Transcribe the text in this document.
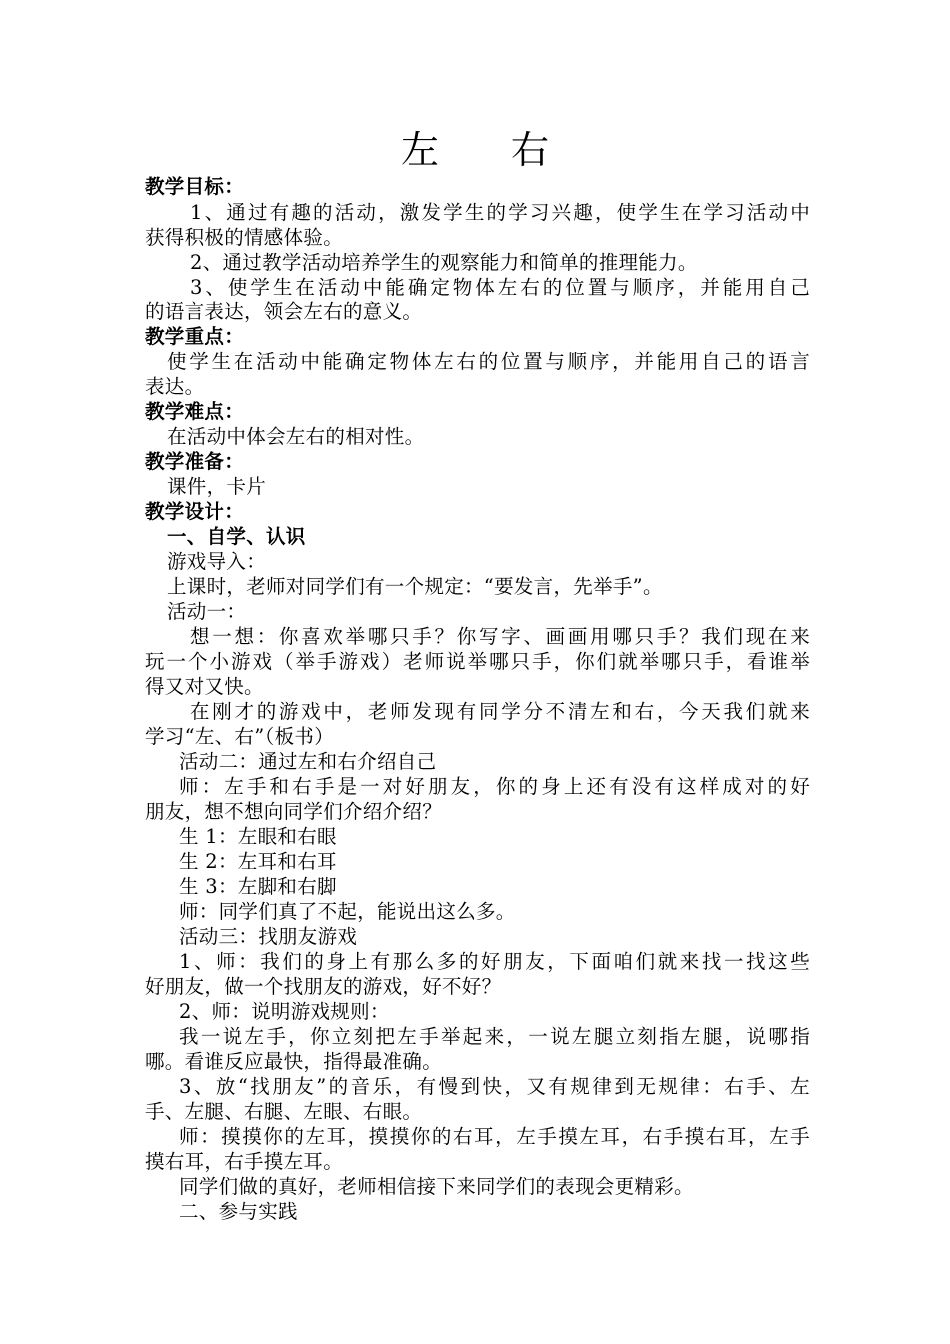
左 右
教学目标：
1、通过有趣的活动，激发学生的学习兴趣，使学生在学习活动中
获得积极的情感体验。
2、通过教学活动培养学生的观察能力和简单的推理能力。
3、使学生在活动中能确定物体左右的位置与顺序，并能用自己
的语言表达，领会左右的意义。
教学重点：
使学生在活动中能确定物体左右的位置与顺序，并能用自己的语言
表达。
教学难点：
在活动中体会左右的相对性。
教学准备：
课件，卡片
教学设计：
一、自学、认识
游戏导入：
上课时，老师对同学们有一个规定：“要发言，先举手”。
活动一：
想一想：你喜欢举哪只手？你写字、画画用哪只手？我们现在来
玩一个小游戏（举手游戏）老师说举哪只手，你们就举哪只手，看谁举
得又对又快。
在刚才的游戏中，老师发现有同学分不清左和右，今天我们就来
学习“左、右”（板书）
活动二：通过左和右介绍自己
师：左手和右手是一对好朋友，你的身上还有没有这样成对的好
朋友，想不想向同学们介绍介绍？
生 1：左眼和右眼
生 2：左耳和右耳
生 3：左脚和右脚
师：同学们真了不起，能说出这么多。
活动三：找朋友游戏
1、师：我们的身上有那么多的好朋友，下面咱们就来找一找这些
好朋友，做一个找朋友的游戏，好不好？
2、师：说明游戏规则：
我一说左手，你立刻把左手举起来，一说左腿立刻指左腿，说哪指
哪。看谁反应最快，指得最准确。
3、放“找朋友”的音乐，有慢到快，又有规律到无规律：右手、左
手、左腿、右腿、左眼、右眼。
师：摸摸你的左耳，摸摸你的右耳，左手摸左耳，右手摸右耳，左手
摸右耳，右手摸左耳。
同学们做的真好，老师相信接下来同学们的表现会更精彩。
二、参与实践
